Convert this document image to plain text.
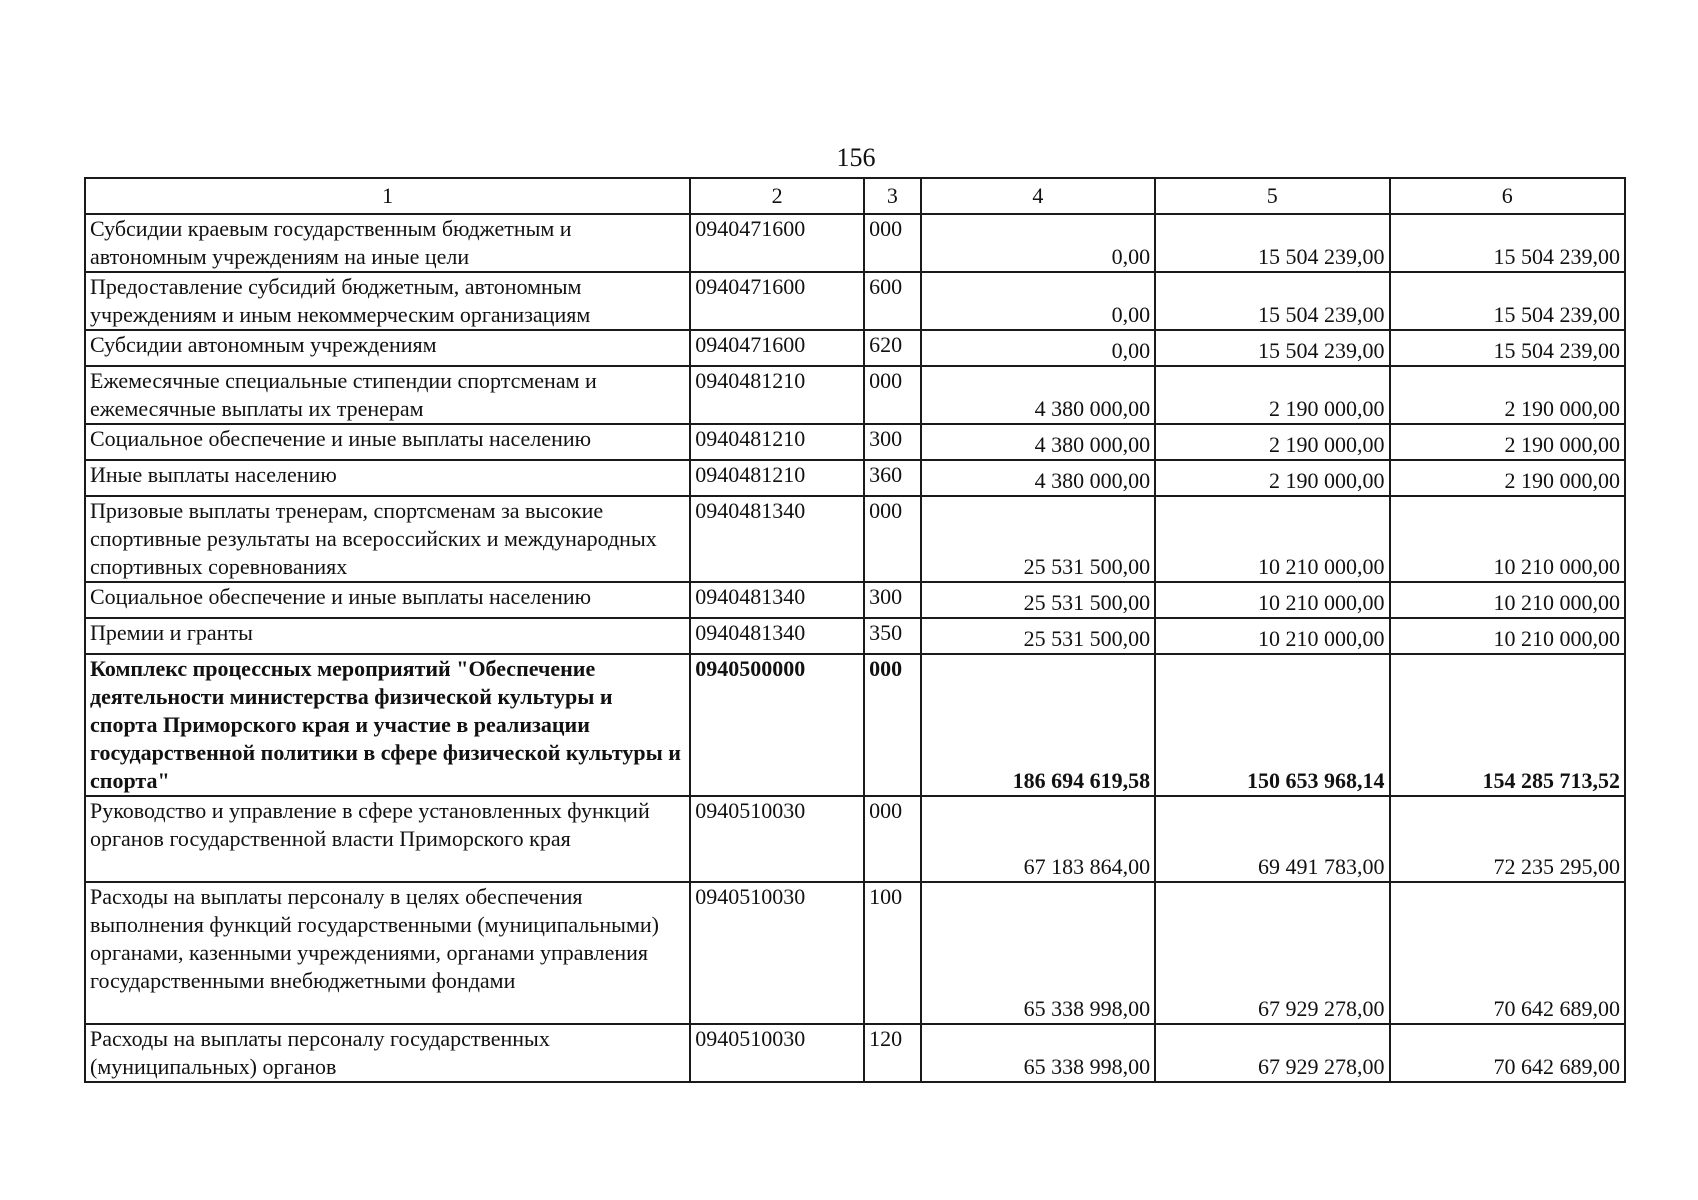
156
1	2	3	4	5	6
Субсидии краевым государственным бюджетным и автономным учреждениям на иные цели	0940471600	000	0,00	15 504 239,00	15 504 239,00
Предоставление субсидий бюджетным, автономным учреждениям и иным некоммерческим организациям	0940471600	600	0,00	15 504 239,00	15 504 239,00
Субсидии автономным учреждениям	0940471600	620	0,00	15 504 239,00	15 504 239,00
Ежемесячные специальные стипендии спортсменам и ежемесячные выплаты их тренерам	0940481210	000	4 380 000,00	2 190 000,00	2 190 000,00
Социальное обеспечение и иные выплаты населению	0940481210	300	4 380 000,00	2 190 000,00	2 190 000,00
Иные выплаты населению	0940481210	360	4 380 000,00	2 190 000,00	2 190 000,00
Призовые выплаты тренерам, спортсменам за высокие спортивные результаты на всероссийских и международных спортивных соревнованиях	0940481340	000	25 531 500,00	10 210 000,00	10 210 000,00
Социальное обеспечение и иные выплаты населению	0940481340	300	25 531 500,00	10 210 000,00	10 210 000,00
Премии и гранты	0940481340	350	25 531 500,00	10 210 000,00	10 210 000,00
Комплекс процессных мероприятий "Обеспечение деятельности министерства физической культуры и спорта Приморского края и участие в реализации государственной политики в сфере физической культуры и спорта"	0940500000	000	186 694 619,58	150 653 968,14	154 285 713,52
Руководство и управление в сфере установленных функций органов государственной власти Приморского края	0940510030	000	67 183 864,00	69 491 783,00	72 235 295,00
Расходы на выплаты персоналу в целях обеспечения выполнения функций государственными (муниципальными) органами, казенными учреждениями, органами управления государственными внебюджетными фондами	0940510030	100	65 338 998,00	67 929 278,00	70 642 689,00
Расходы на выплаты персоналу государственных (муниципальных) органов	0940510030	120	65 338 998,00	67 929 278,00	70 642 689,00
